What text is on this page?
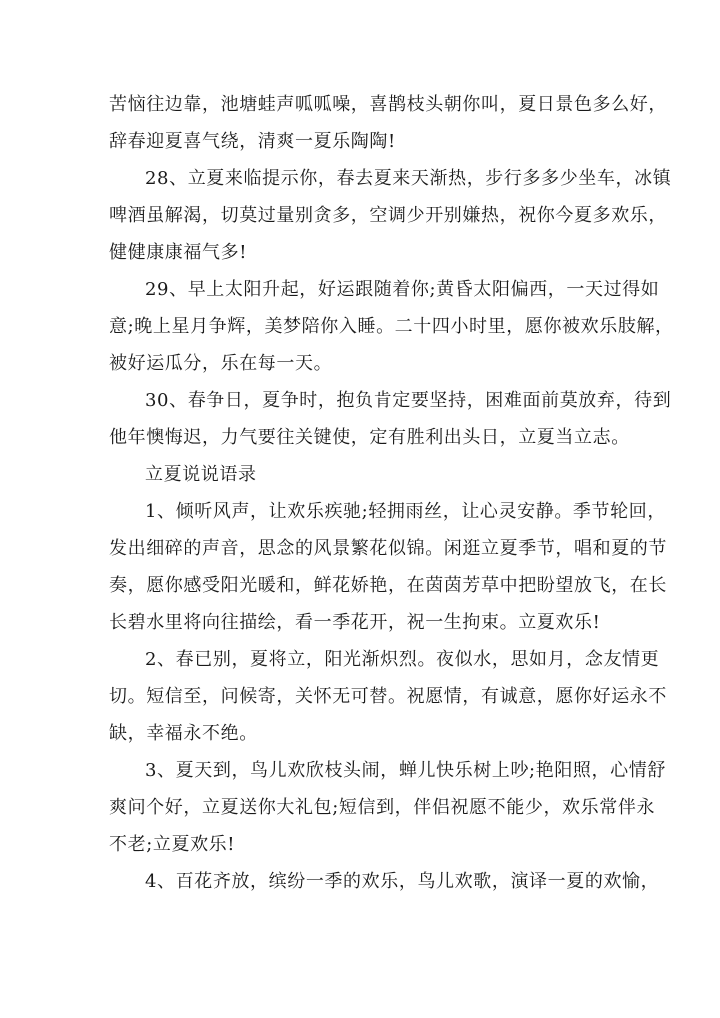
苦恼往边靠，池塘蛙声呱呱噪，喜鹊枝头朝你叫，夏日景色多么好，
辞春迎夏喜气绕，清爽一夏乐陶陶!
28、立夏来临提示你，春去夏来天渐热，步行多多少坐车，冰镇
啤酒虽解渴，切莫过量别贪多，空调少开别嫌热，祝你今夏多欢乐，
健健康康福气多!
29、早上太阳升起，好运跟随着你;黄昏太阳偏西，一天过得如
意;晚上星月争辉，美梦陪你入睡。二十四小时里，愿你被欢乐肢解，
被好运瓜分，乐在每一天。
30、春争日，夏争时，抱负肯定要坚持，困难面前莫放弃，待到
他年懊悔迟，力气要往关键使，定有胜利出头日，立夏当立志。
立夏说说语录
1、倾听风声，让欢乐疾驰;轻拥雨丝，让心灵安静。季节轮回，
发出细碎的声音，思念的风景繁花似锦。闲逛立夏季节，唱和夏的节
奏，愿你感受阳光暖和，鲜花娇艳，在茵茵芳草中把盼望放飞，在长
长碧水里将向往描绘，看一季花开，祝一生拘束。立夏欢乐!
2、春已别，夏将立，阳光渐炽烈。夜似水，思如月，念友情更
切。短信至，问候寄，关怀无可替。祝愿情，有诚意，愿你好运永不
缺，幸福永不绝。
3、夏天到，鸟儿欢欣枝头闹，蝉儿快乐树上吵;艳阳照，心情舒
爽问个好，立夏送你大礼包;短信到，伴侣祝愿不能少，欢乐常伴永
不老;立夏欢乐!
4、百花齐放，缤纷一季的欢乐，鸟儿欢歌，演译一夏的欢愉，
